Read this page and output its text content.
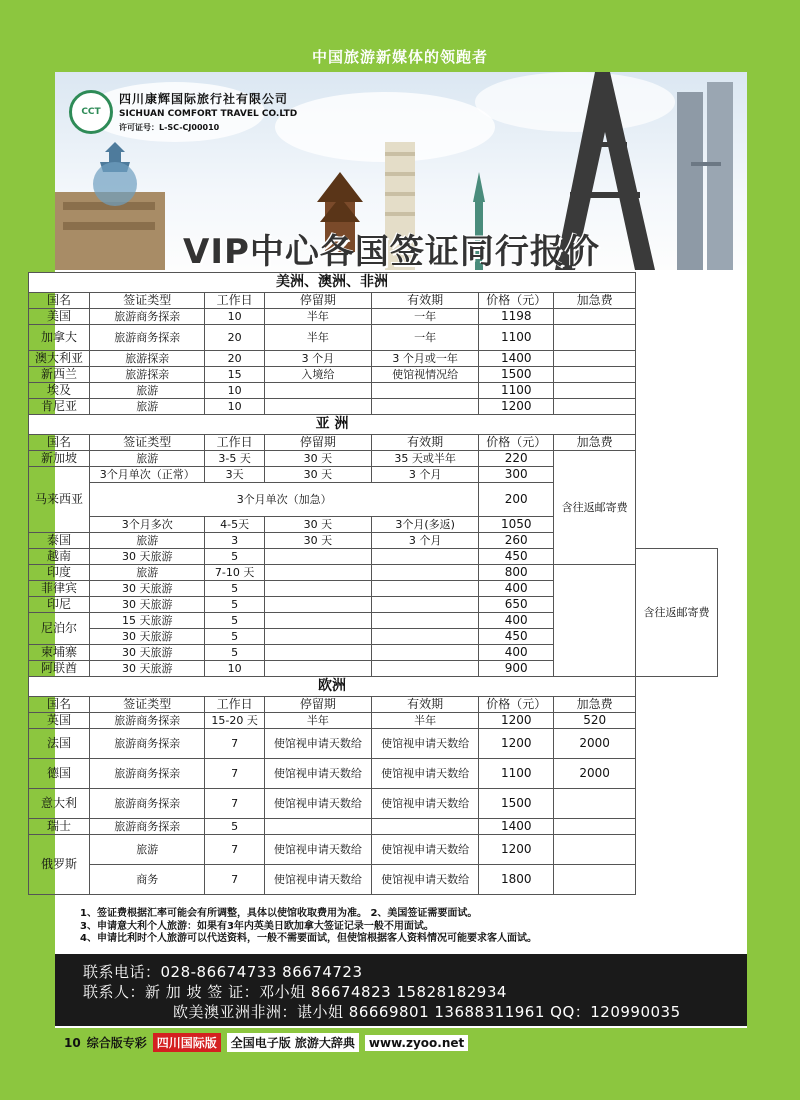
中国旅游新媒体的领跑者
CCT
四川康辉国际旅行社有限公司
SICHUAN COMFORT TRAVEL CO.LTD
许可证号：L-SC-CJ00010
VIP中心各国签证同行报价
美洲、澳洲、非洲							
国名	签证类型	工作日	停留期	有效期	价格（元）	加急费	
美国	旅游商务探亲	10	半年	一年	1198		
加拿大	旅游商务探亲	20	半年	一年	1100		
澳大利亚	旅游探亲	20	3 个月	3 个月或一年	1400		
新西兰	旅游探亲	15	入境给	使馆视情况给	1500		
埃及	旅游	10			1100		
肯尼亚	旅游	10			1200		
亚 洲							
国名	签证类型	工作日	停留期	有效期	价格（元）	加急费	
新加坡	旅游	3-5 天	30 天	35 天或半年	220	含往返邮寄费	
马来西亚	3个月单次（正常）	3天	30 天	3 个月	300		
	3个月单次（加急）				200		
	3个月多次	4-5天	30 天	3个月(多返)	1050		
泰国	旅游	3	30 天	3 个月	260		
越南	30 天旅游	5			450		含往返邮寄费
印度	旅游	7-10 天			800		
菲律宾	30 天旅游	5			400		
印尼	30 天旅游	5			650		
尼泊尔	15 天旅游	5			400		
	30 天旅游	5			450		
柬埔寨	30 天旅游	5			400		
阿联酋	30 天旅游	10			900		
欧洲							
国名	签证类型	工作日	停留期	有效期	价格（元）	加急费	
英国	旅游商务探亲	15-20 天	半年	半年	1200	520	
法国	旅游商务探亲	7	使馆视申请天数给	使馆视申请天数给	1200	2000	
德国	旅游商务探亲	7	使馆视申请天数给	使馆视申请天数给	1100	2000	
意大利	旅游商务探亲	7	使馆视申请天数给	使馆视申请天数给	1500		
瑞士	旅游商务探亲	5			1400		
俄罗斯	旅游	7	使馆视申请天数给	使馆视申请天数给	1200		
	商务	7	使馆视申请天数给	使馆视申请天数给	1800		
1、签证费根据汇率可能会有所调整，具体以使馆收取费用为准。 2、美国签证需要面试。
3、申请意大利个人旅游：如果有3年内英美日欧加拿大签证记录一般不用面试。
4、申请比利时个人旅游可以代送资料，一般不需要面试，但使馆根据客人资料情况可能要求客人面试。
联系电话：028-86674733 86674723
联系人：新 加 坡 签 证：邓小姐 86674823 15828182934
欧美澳亚洲非洲：谌小姐 86669801 13688311961 QQ：120990035
10 综合版专彩 四川国际版	全国电子版 旅游大辞典	www.zyoo.net
